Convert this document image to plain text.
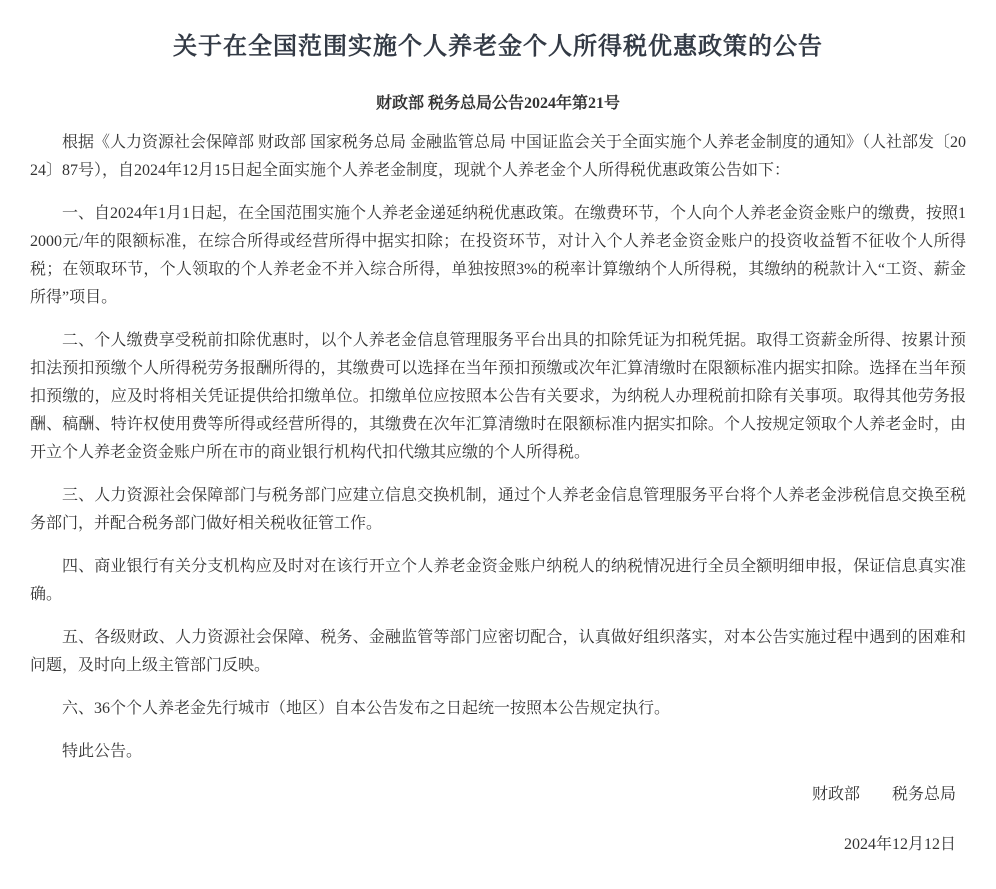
关于在全国范围实施个人养老金个人所得税优惠政策的公告
财政部 税务总局公告2024年第21号

根据《人力资源社会保障部 财政部 国家税务总局 金融监管总局 中国证监会关于全面实施个人养老金制度的通知》（人社部发〔2024〕87号），自2024年12月15日起全面实施个人养老金制度，现就个人养老金个人所得税优惠政策公告如下：

一、自2024年1月1日起，在全国范围实施个人养老金递延纳税优惠政策。在缴费环节，个人向个人养老金资金账户的缴费，按照12000元/年的限额标准，在综合所得或经营所得中据实扣除；在投资环节，对计入个人养老金资金账户的投资收益暂不征收个人所得税；在领取环节，个人领取的个人养老金不并入综合所得，单独按照3%的税率计算缴纳个人所得税，其缴纳的税款计入“工资、薪金所得”项目。

二、个人缴费享受税前扣除优惠时，以个人养老金信息管理服务平台出具的扣除凭证为扣税凭据。取得工资薪金所得、按累计预扣法预扣预缴个人所得税劳务报酬所得的，其缴费可以选择在当年预扣预缴或次年汇算清缴时在限额标准内据实扣除。选择在当年预扣预缴的，应及时将相关凭证提供给扣缴单位。扣缴单位应按照本公告有关要求，为纳税人办理税前扣除有关事项。取得其他劳务报酬、稿酬、特许权使用费等所得或经营所得的，其缴费在次年汇算清缴时在限额标准内据实扣除。个人按规定领取个人养老金时，由开立个人养老金资金账户所在市的商业银行机构代扣代缴其应缴的个人所得税。

三、人力资源社会保障部门与税务部门应建立信息交换机制，通过个人养老金信息管理服务平台将个人养老金涉税信息交换至税务部门，并配合税务部门做好相关税收征管工作。

四、商业银行有关分支机构应及时对在该行开立个人养老金资金账户纳税人的纳税情况进行全员全额明细申报，保证信息真实准确。

五、各级财政、人力资源社会保障、税务、金融监管等部门应密切配合，认真做好组织落实，对本公告实施过程中遇到的困难和问题，及时向上级主管部门反映。

六、36个个人养老金先行城市（地区）自本公告发布之日起统一按照本公告规定执行。

特此公告。

财政部　　税务总局
2024年12月12日
